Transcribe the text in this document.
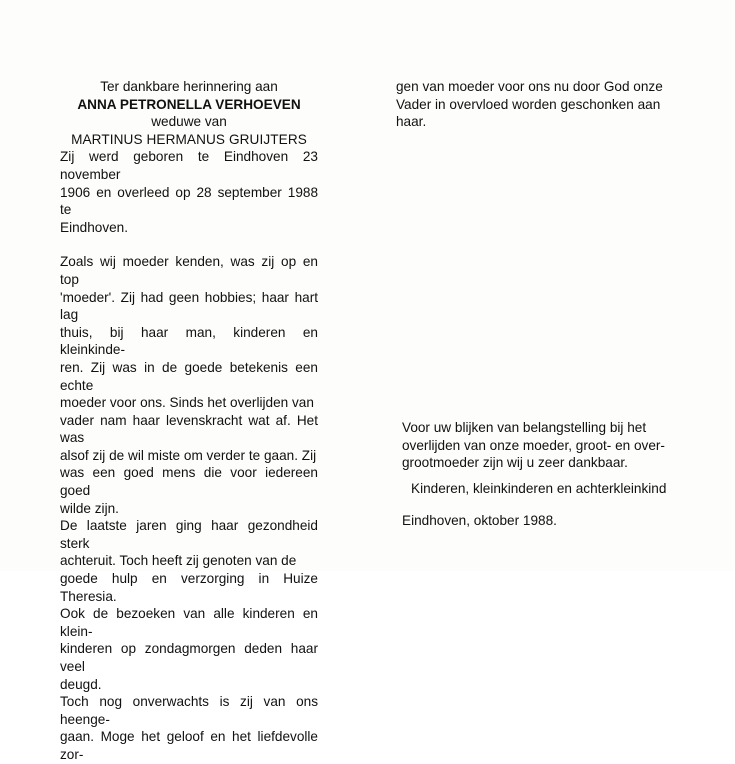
Ter dankbare herinnering aan

ANNA PETRONELLA VERHOEVEN

weduwe van

MARTINUS HERMANUS GRUIJTERS

Zij werd geboren te Eindhoven 23 november

1906 en overleed op 28 september 1988 te

Eindhoven.

Zoals wij moeder kenden, was zij op en top

'moeder'. Zij had geen hobbies; haar hart lag

thuis, bij haar man, kinderen en kleinkinde-

ren. Zij was in de goede betekenis een echte

moeder voor ons. Sinds het overlijden van

vader nam haar levenskracht wat af. Het was

alsof zij de wil miste om verder te gaan. Zij

was een goed mens die voor iedereen goed

wilde zijn.

De laatste jaren ging haar gezondheid sterk

achteruit. Toch heeft zij genoten van de

goede hulp en verzorging in Huize Theresia.

Ook de bezoeken van alle kinderen en klein-

kinderen op zondagmorgen deden haar veel

deugd.

Toch nog onverwachts is zij van ons heenge-

gaan. Moge het geloof en het liefdevolle zor-

gen van moeder voor ons nu door God onze

Vader in overvloed worden geschonken aan

haar.

Voor uw blijken van belangstelling bij het

overlijden van onze moeder, groot- en over-

grootmoeder zijn wij u zeer dankbaar.

Kinderen, kleinkinderen en achterkleinkind

Eindhoven, oktober 1988.
